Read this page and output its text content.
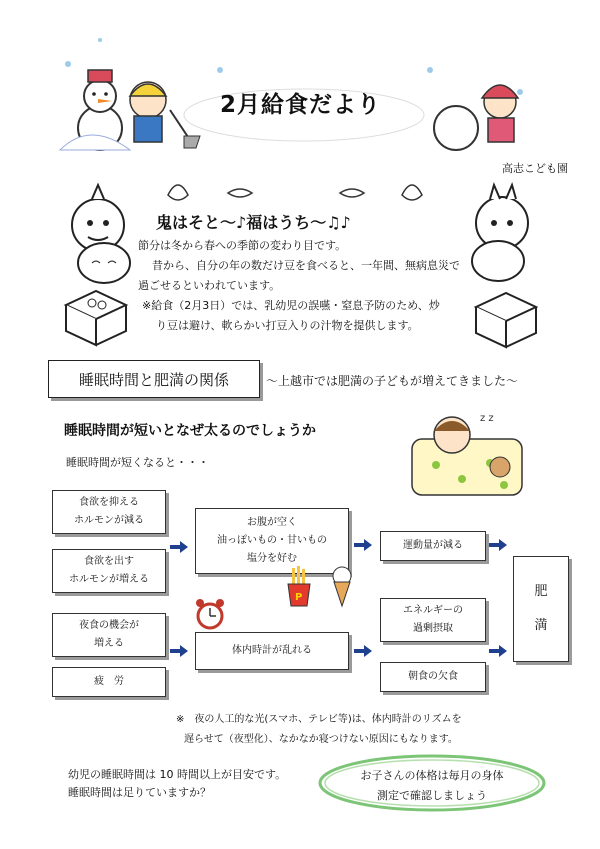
2月給食だより
高志こども園
鬼はそと～♪福はうち～♫♪

節分は冬から春への季節の変わり目です。

昔から、自分の年の数だけ豆を食べると、一年間、無病息災で

過ごせるといわれています。

※給食（2月3日）では、乳幼児の誤嚥・窒息予防のため、炒

り豆は避け、軟らかい打豆入りの汁物を提供します。

睡眠時間と肥満の関係	～上越市では肥満の子どもが増えてきました～
睡眠時間が短いとなぜ太るのでしょうか
睡眠時間が短くなると・・・
z z
食欲を抑える
ホルモンが減る
食欲を出す
ホルモンが増える
お腹が空く
油っぽいもの・甘いもの
塩分を好む
運動量が減る
夜食の機会が
増える
疲　労
体内時計が乱れる
エネルギーの
過剰摂取
朝食の欠食
肥
満
P
※　夜の人工的な光(スマホ、テレビ等)は、体内時計のリズムを
遅らせて（夜型化）、なかなか寝つけない原因にもなります。
幼児の睡眠時間は 10 時間以上が目安です。
睡眠時間は足りていますか？
お子さんの体格は毎月の身体
測定で確認しましょう
